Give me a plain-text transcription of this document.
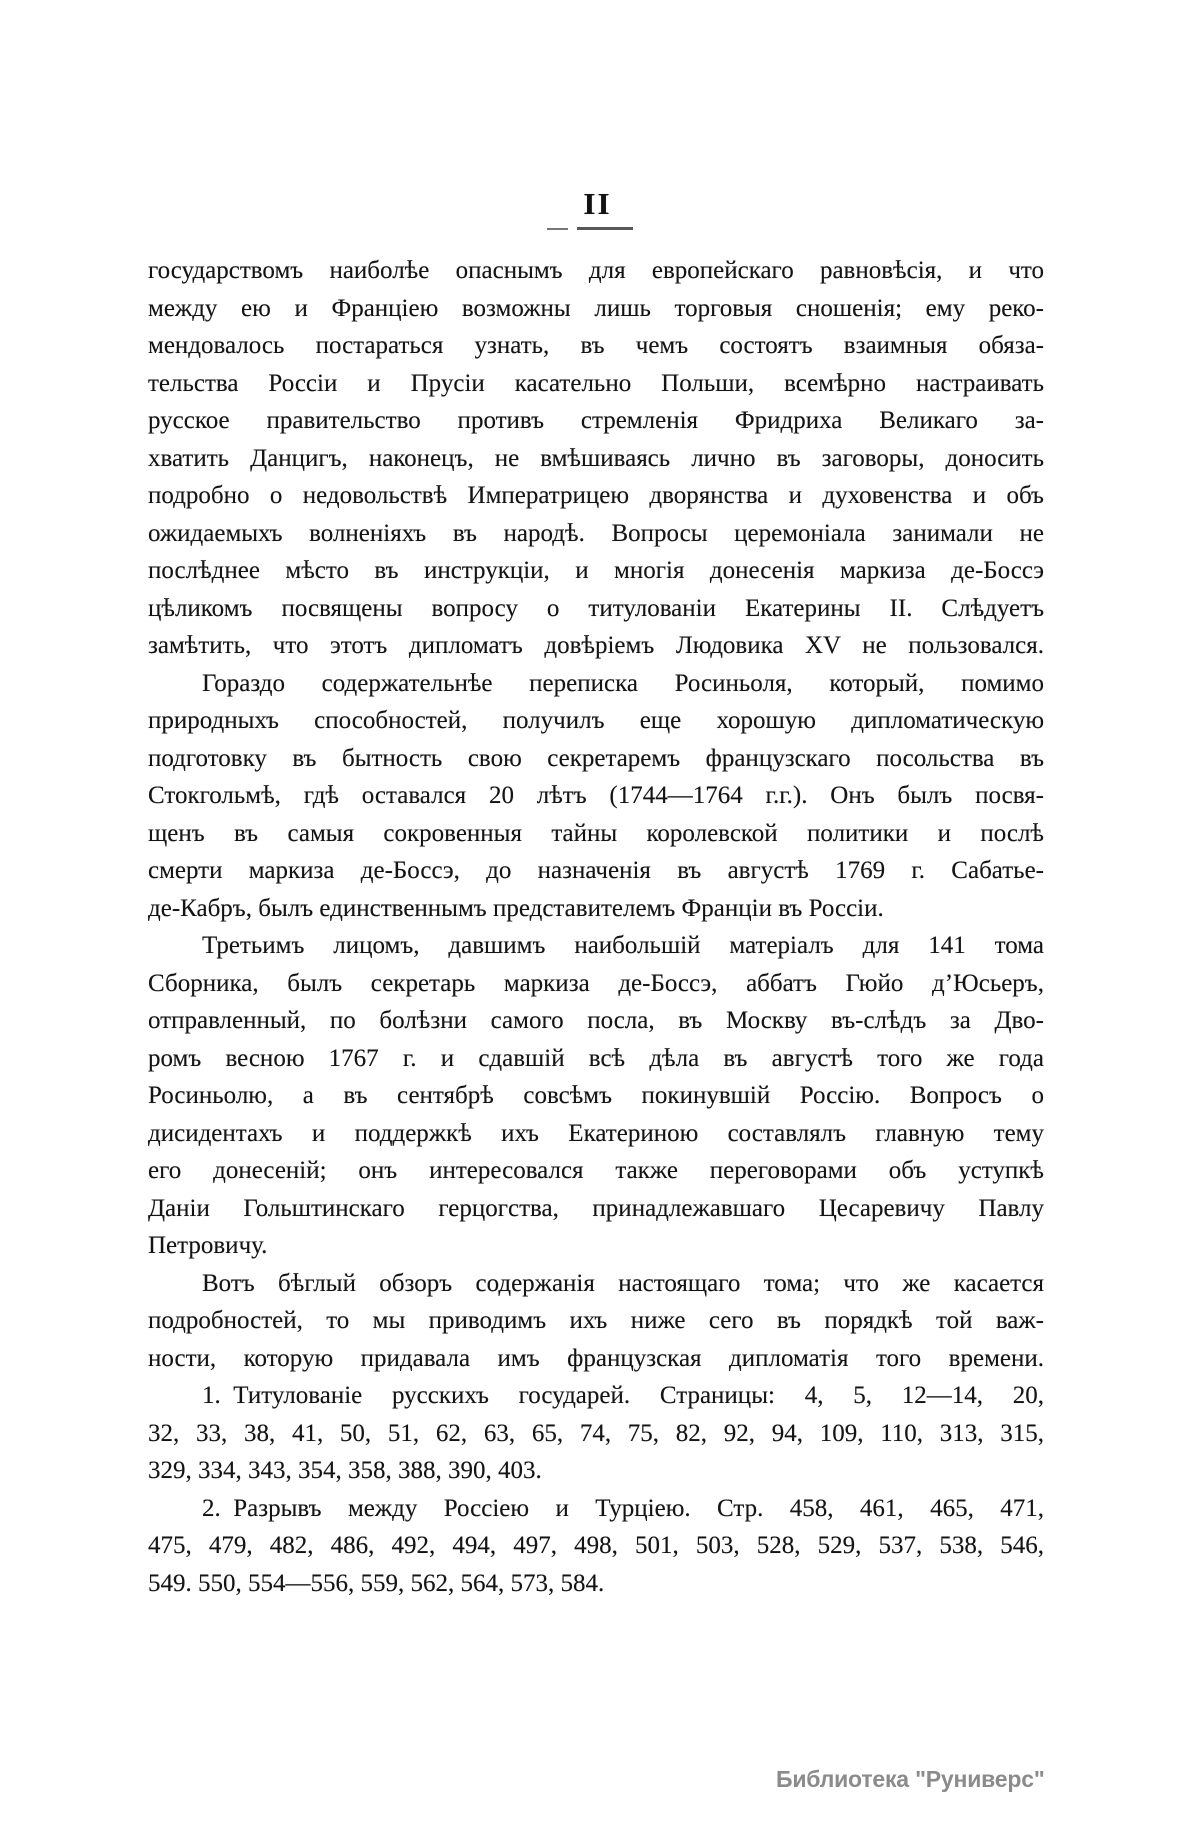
II
государствомъ наиболѣе опаснымъ для европейскаго равновѣсія, и что
между ею и Франціею возможны лишь торговыя сношенія; ему реко-
мендовалось постараться узнать, въ чемъ состоятъ взаимныя обяза-
тельства Россіи и Прусіи касательно Польши, всемѣрно настраивать
русское правительство противъ стремленія Фридриха Великаго за-
хватить Данцигъ, наконецъ, не вмѣшиваясь лично въ заговоры, доносить
подробно о недовольствѣ Императрицею дворянства и духовенства и объ
ожидаемыхъ волненіяхъ въ народѣ. Вопросы церемоніала занимали не
послѣднее мѣсто въ инструкціи, и многія донесенія маркиза де-Боссэ
цѣликомъ посвящены вопросу о титулованіи Екатерины II. Слѣдуетъ
замѣтить, что этотъ дипломатъ довѣріемъ Людовика XV не пользовался.
Гораздо содержательнѣе переписка Росиньоля, который, помимо
природныхъ способностей, получилъ еще хорошую дипломатическую
подготовку въ бытность свою секретаремъ французскаго посольства въ
Стокгольмѣ, гдѣ оставался 20 лѣтъ (1744—1764 г.г.). Онъ былъ посвя-
щенъ въ самыя сокровенныя тайны королевской политики и послѣ
смерти маркиза де-Боссэ, до назначенія въ августѣ 1769 г. Сабатье-
де-Кабръ, былъ единственнымъ представителемъ Франціи въ Россіи.
Третьимъ лицомъ, давшимъ наибольшій матеріалъ для 141 тома
Сборника, былъ секретарь маркиза де-Боссэ, аббатъ Гюйо д’Юсьеръ,
отправленный, по болѣзни самого посла, въ Москву въ-слѣдъ за Дво-
ромъ весною 1767 г. и сдавшій всѣ дѣла въ августѣ того же года
Росиньолю, а въ сентябрѣ совсѣмъ покинувшій Россію. Вопросъ о
дисидентахъ и поддержкѣ ихъ Екатериною составлялъ главную тему
его донесеній; онъ интересовался также переговорами объ уступкѣ
Даніи Гольштинскаго герцогства, принадлежавшаго Цесаревичу Павлу
Петровичу.
Вотъ бѣглый обзоръ содержанія настоящаго тома; что же касается
подробностей, то мы приводимъ ихъ ниже сего въ порядкѣ той важ-
ности, которую придавала имъ французская дипломатія того времени.
1. Титулованіе русскихъ государей. Страницы: 4, 5, 12—14, 20,
32, 33, 38, 41, 50, 51, 62, 63, 65, 74, 75, 82, 92, 94, 109, 110, 313, 315,
329, 334, 343, 354, 358, 388, 390, 403.
2. Разрывъ между Россіею и Турціею. Стр. 458, 461, 465, 471,
475, 479, 482, 486, 492, 494, 497, 498, 501, 503, 528, 529, 537, 538, 546,
549. 550, 554—556, 559, 562, 564, 573, 584.
Библиотека "Руниверс"
